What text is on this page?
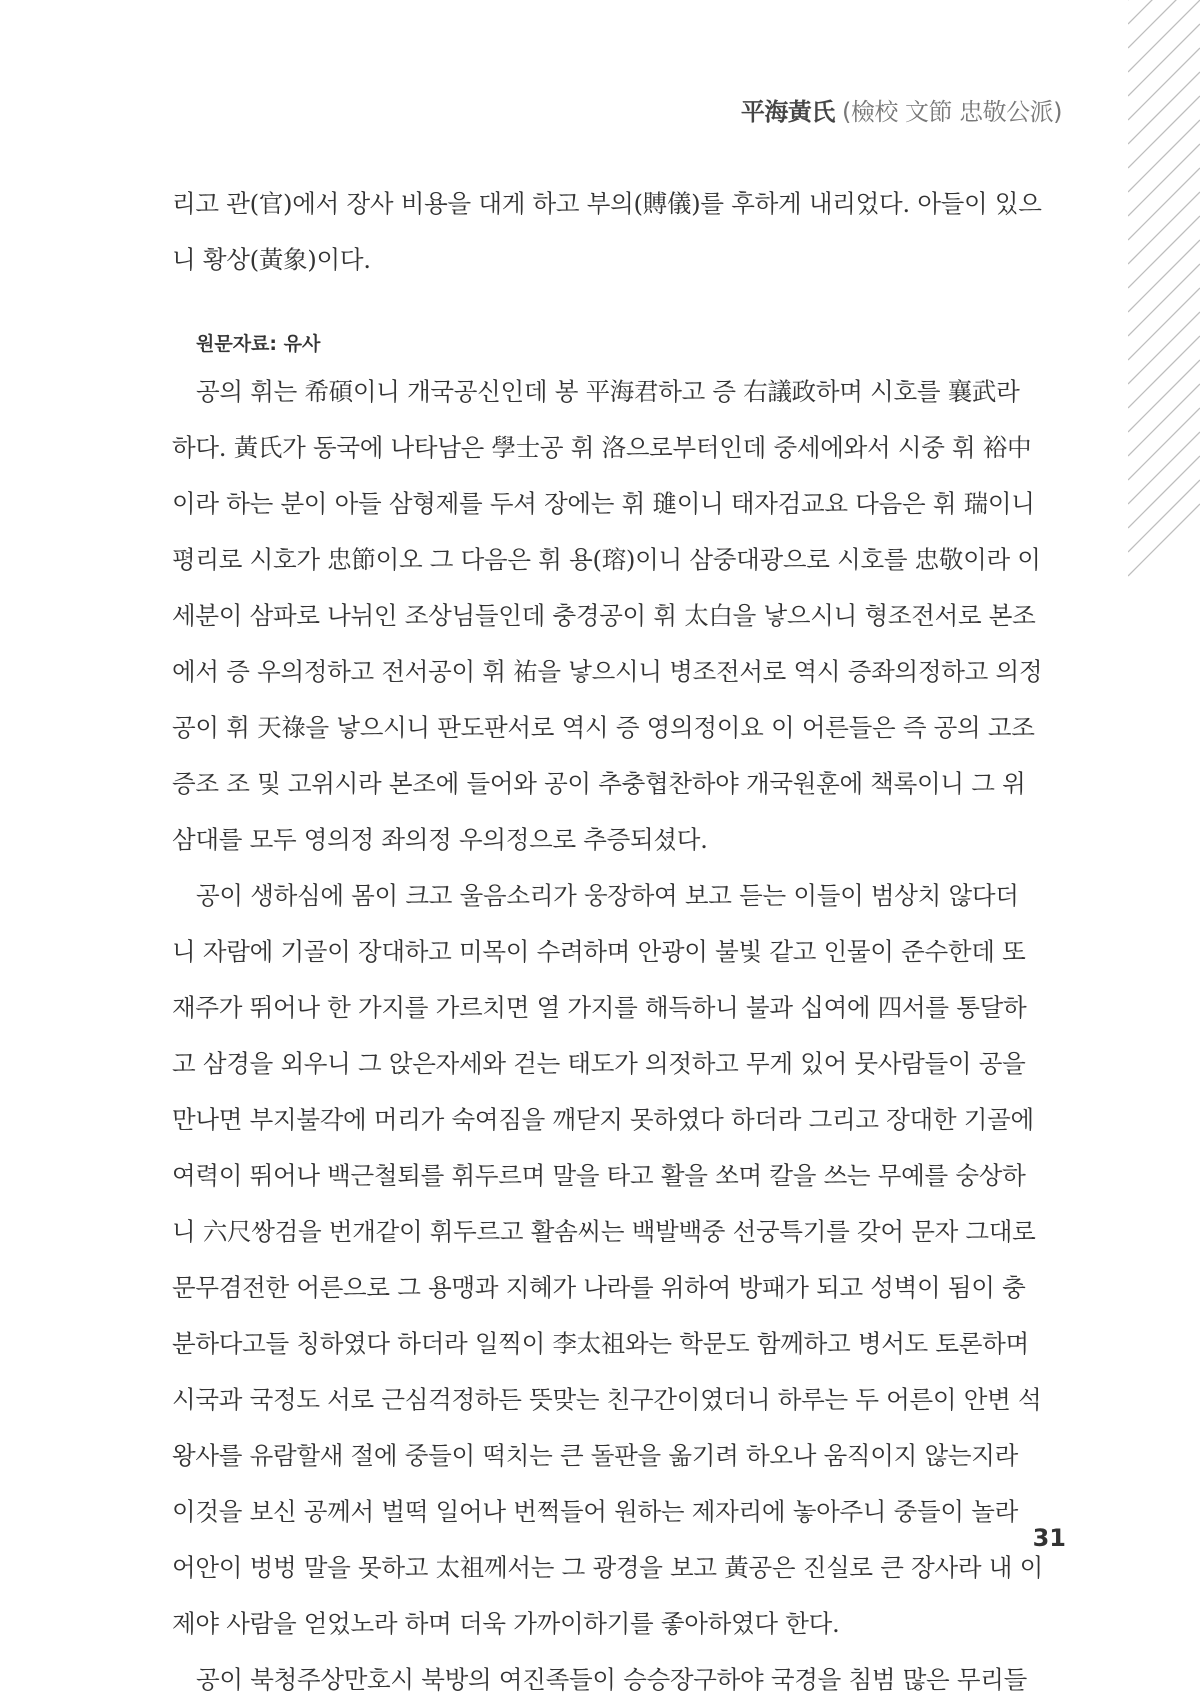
平海黃氏 (檢校 文節 忠敬公派)

리고 관(官)에서 장사 비용을 대게 하고 부의(賻儀)를 후하게 내리었다. 아들이 있으
니 황상(黃象)이다.

원문자료: 유사

공의 휘는 希碩이니 개국공신인데 봉 平海君하고 증 右議政하며 시호를 襄武라
하다. 黃氏가 동국에 나타남은 學士공 휘 洛으로부터인데 중세에와서 시중 휘 裕中
이라 하는 분이 아들 삼형제를 두셔 장에는 휘 璡이니 태자검교요 다음은 휘 瑞이니
평리로 시호가 忠節이오 그 다음은 휘 용(瑢)이니 삼중대광으로 시호를 忠敬이라 이
세분이 삼파로 나뉘인 조상님들인데 충경공이 휘 太白을 낳으시니 형조전서로 본조
에서 증 우의정하고 전서공이 휘 祐을 낳으시니 병조전서로 역시 증좌의정하고 의정
공이 휘 天祿을 낳으시니 판도판서로 역시 증 영의정이요 이 어른들은 즉 공의 고조
증조 조 및 고위시라 본조에 들어와 공이 추충협찬하야 개국원훈에 책록이니 그 위
삼대를 모두 영의정 좌의정 우의정으로 추증되셨다.

공이 생하심에 몸이 크고 울음소리가 웅장하여 보고 듣는 이들이 범상치 않다더
니 자람에 기골이 장대하고 미목이 수려하며 안광이 불빛 같고 인물이 준수한데 또
재주가 뛰어나 한 가지를 가르치면 열 가지를 해득하니 불과 십여에 四서를 통달하
고 삼경을 외우니 그 앉은자세와 걷는 태도가 의젓하고 무게 있어 뭇사람들이 공을
만나면 부지불각에 머리가 숙여짐을 깨닫지 못하였다 하더라 그리고 장대한 기골에
여력이 뛰어나 백근철퇴를 휘두르며 말을 타고 활을 쏘며 칼을 쓰는 무예를 숭상하
니 六尺쌍검을 번개같이 휘두르고 활솜씨는 백발백중 선궁특기를 갖어 문자 그대로
문무겸전한 어른으로 그 용맹과 지혜가 나라를 위하여 방패가 되고 성벽이 됨이 충
분하다고들 칭하였다 하더라 일찍이 李太祖와는 학문도 함께하고 병서도 토론하며
시국과 국정도 서로 근심걱정하든 뜻맞는 친구간이였더니 하루는 두 어른이 안변 석
왕사를 유람할새 절에 중들이 떡치는 큰 돌판을 옮기려 하오나 움직이지 않는지라
이것을 보신 공께서 벌떡 일어나 번쩍들어 원하는 제자리에 놓아주니 중들이 놀라
어안이 벙벙 말을 못하고 太祖께서는 그 광경을 보고 黃공은 진실로 큰 장사라 내 이
제야 사람을 얻었노라 하며 더욱 가까이하기를 좋아하였다 한다.

공이 북청주상만호시 북방의 여진족들이 승승장구하야 국경을 침범 많은 무리들

31
